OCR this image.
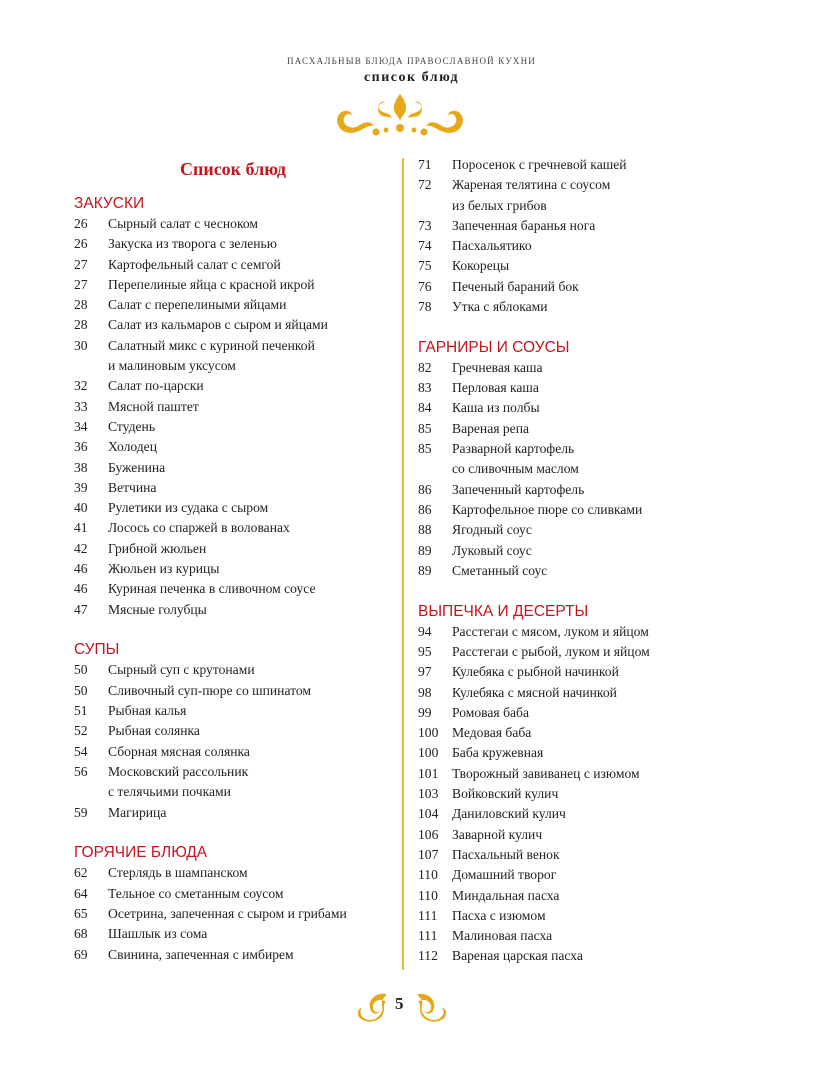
ПАСХАЛЬНЫВ БЛЮДА ПРАВОСЛАВНОЙ КУХНИ
список блюд
Список блюд
ЗАКУСКИ
26	Сырный салат с чесноком
26	Закуска из творога с зеленью
27	Картофельный салат с семгой
27	Перепелиные яйца с красной икрой
28	Салат с перепелиными яйцами
28	Салат из кальмаров с сыром и яйцами
30	Салатный микс с куриной печенкой
и малиновым уксусом
32	Салат по-царски
33	Мясной паштет
34	Студень
36	Холодец
38	Буженина
39	Ветчина
40	Рулетики из судака с сыром
41	Лосось со спаржей в волованах
42	Грибной жюльен
46	Жюльен из курицы
46	Куриная печенка в сливочном соусе
47	Мясные голубцы
СУПЫ
50	Сырный суп с крутонами
50	Сливочный суп-пюре со шпинатом
51	Рыбная калья
52	Рыбная солянка
54	Сборная мясная солянка
56	Московский рассольник
с телячьими почками
59	Магирица
ГОРЯЧИЕ БЛЮДА
62	Стерлядь в шампанском
64	Тельное со сметанным соусом
65	Осетрина, запеченная с сыром и грибами
68	Шашлык из сома
69	Свинина, запеченная с имбирем
71	Поросенок с гречневой кашей
72	Жареная телятина с соусом
из белых грибов
73	Запеченная баранья нога
74	Пасхальятико
75	Кокорецы
76	Печеный бараний бок
78	Утка с яблоками
ГАРНИРЫ И СОУСЫ
82	Гречневая каша
83	Перловая каша
84	Каша из полбы
85	Вареная репа
85	Разварной картофель
со сливочным маслом
86	Запеченный картофель
86	Картофельное пюре со сливками
88	Ягодный соус
89	Луковый соус
89	Сметанный соус
ВЫПЕЧКА И ДЕСЕРТЫ
94	Расстегаи с мясом, луком и яйцом
95	Расстегаи с рыбой, луком и яйцом
97	Кулебяка с рыбной начинкой
98	Кулебяка с мясной начинкой
99	Ромовая баба
100	Медовая баба
100	Баба кружевная
101	Творожный завиванец с изюмом
103	Войковский кулич
104	Даниловский кулич
106	Заварной кулич
107	Пасхальный венок
110	Домашний творог
110	Миндальная пасха
111	Пасха с изюмом
111	Малиновая пасха
112	Вареная царская пасха
5
